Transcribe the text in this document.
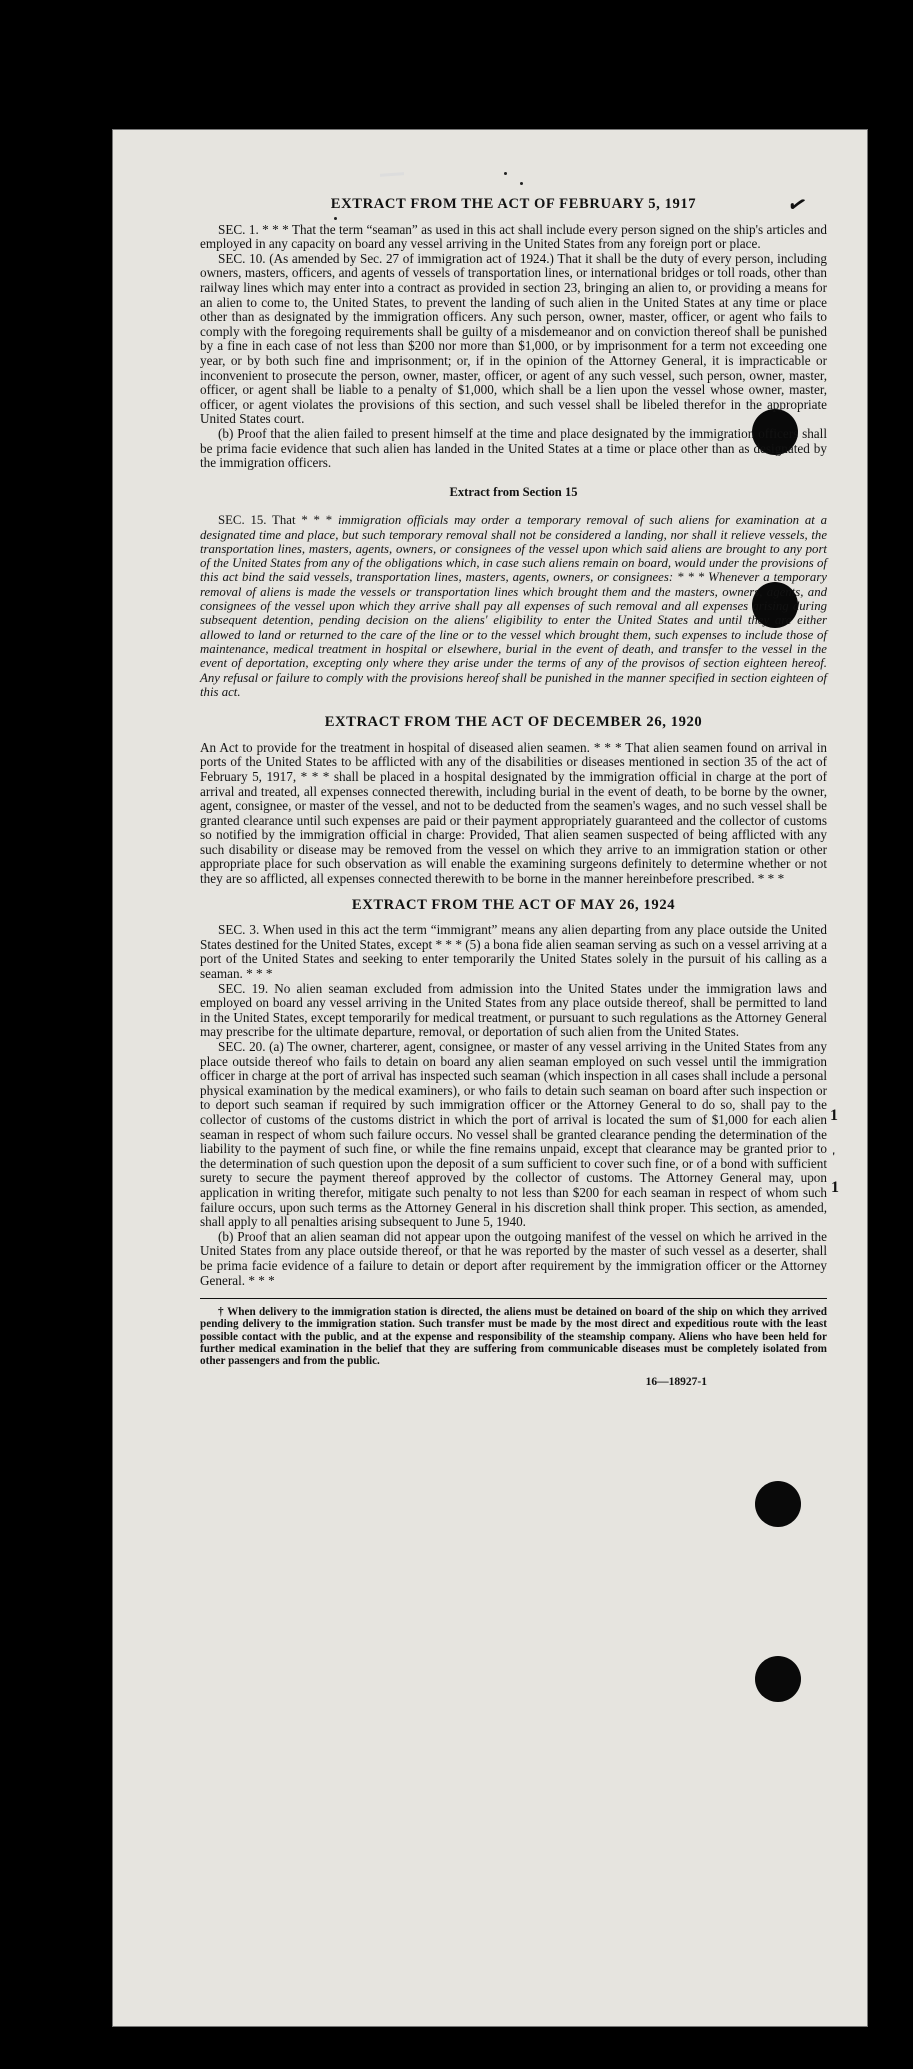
✓
1
'
1
EXTRACT FROM THE ACT OF FEBRUARY 5, 1917

SEC. 1. * * * That the term “seaman” as used in this act shall include every person signed on the ship's articles and employed in any capacity on board any vessel arriving in the United States from any foreign port or place.

SEC. 10. (As amended by Sec. 27 of immigration act of 1924.) That it shall be the duty of every person, including owners, masters, officers, and agents of vessels of transportation lines, or international bridges or toll roads, other than railway lines which may enter into a contract as provided in section 23, bringing an alien to, or providing a means for an alien to come to, the United States, to prevent the landing of such alien in the United States at any time or place other than as designated by the immigration officers. Any such person, owner, master, officer, or agent who fails to comply with the foregoing requirements shall be guilty of a misdemeanor and on conviction thereof shall be punished by a fine in each case of not less than $200 nor more than $1,000, or by imprisonment for a term not exceeding one year, or by both such fine and imprisonment; or, if in the opinion of the Attorney General, it is impracticable or inconvenient to prosecute the person, owner, master, officer, or agent of any such vessel, such person, owner, master, officer, or agent shall be liable to a penalty of $1,000, which shall be a lien upon the vessel whose owner, master, officer, or agent violates the provisions of this section, and such vessel shall be libeled therefor in the appropriate United States court.

(b) Proof that the alien failed to present himself at the time and place designated by the immigration officers shall be prima facie evidence that such alien has landed in the United States at a time or place other than as designated by the immigration officers.

Extract from Section 15

SEC. 15. That * * * immigration officials may order a temporary removal of such aliens for examination at a designated time and place, but such temporary removal shall not be considered a landing, nor shall it relieve vessels, the transportation lines, masters, agents, owners, or consignees of the vessel upon which said aliens are brought to any port of the United States from any of the obligations which, in case such aliens remain on board, would under the provisions of this act bind the said vessels, transportation lines, masters, agents, owners, or consignees: * * * Whenever a temporary removal of aliens is made the vessels or transportation lines which brought them and the masters, owners, agents, and consignees of the vessel upon which they arrive shall pay all expenses of such removal and all expenses arising during subsequent detention, pending decision on the aliens' eligibility to enter the United States and until they are either allowed to land or returned to the care of the line or to the vessel which brought them, such expenses to include those of maintenance, medical treatment in hospital or elsewhere, burial in the event of death, and transfer to the vessel in the event of deportation, excepting only where they arise under the terms of any of the provisos of section eighteen hereof. Any refusal or failure to comply with the provisions hereof shall be punished in the manner specified in section eighteen of this act.

EXTRACT FROM THE ACT OF DECEMBER 26, 1920

An Act to provide for the treatment in hospital of diseased alien seamen. * * * That alien seamen found on arrival in ports of the United States to be afflicted with any of the disabilities or diseases mentioned in section 35 of the act of February 5, 1917, * * * shall be placed in a hospital designated by the immigration official in charge at the port of arrival and treated, all expenses connected therewith, including burial in the event of death, to be borne by the owner, agent, consignee, or master of the vessel, and not to be deducted from the seamen's wages, and no such vessel shall be granted clearance until such expenses are paid or their payment appropriately guaranteed and the collector of customs so notified by the immigration official in charge: Provided, That alien seamen suspected of being afflicted with any such disability or disease may be removed from the vessel on which they arrive to an immigration station or other appropriate place for such observation as will enable the examining surgeons definitely to determine whether or not they are so afflicted, all expenses connected therewith to be borne in the manner hereinbefore prescribed. * * *

EXTRACT FROM THE ACT OF MAY 26, 1924

SEC. 3. When used in this act the term “immigrant” means any alien departing from any place outside the United States destined for the United States, except * * * (5) a bona fide alien seaman serving as such on a vessel arriving at a port of the United States and seeking to enter temporarily the United States solely in the pursuit of his calling as a seaman. * * *

SEC. 19. No alien seaman excluded from admission into the United States under the immigration laws and employed on board any vessel arriving in the United States from any place outside thereof, shall be permitted to land in the United States, except temporarily for medical treatment, or pursuant to such regulations as the Attorney General may prescribe for the ultimate departure, removal, or deportation of such alien from the United States.

SEC. 20. (a) The owner, charterer, agent, consignee, or master of any vessel arriving in the United States from any place outside thereof who fails to detain on board any alien seaman employed on such vessel until the immigration officer in charge at the port of arrival has inspected such seaman (which inspection in all cases shall include a personal physical examination by the medical examiners), or who fails to detain such seaman on board after such inspection or to deport such seaman if required by such immigration officer or the Attorney General to do so, shall pay to the collector of customs of the customs district in which the port of arrival is located the sum of $1,000 for each alien seaman in respect of whom such failure occurs. No vessel shall be granted clearance pending the determination of the liability to the payment of such fine, or while the fine remains unpaid, except that clearance may be granted prior to the determination of such question upon the deposit of a sum sufficient to cover such fine, or of a bond with sufficient surety to secure the payment thereof approved by the collector of customs. The Attorney General may, upon application in writing therefor, mitigate such penalty to not less than $200 for each seaman in respect of whom such failure occurs, upon such terms as the Attorney General in his discretion shall think proper. This section, as amended, shall apply to all penalties arising subsequent to June 5, 1940.

(b) Proof that an alien seaman did not appear upon the outgoing manifest of the vessel on which he arrived in the United States from any place outside thereof, or that he was reported by the master of such vessel as a deserter, shall be prima facie evidence of a failure to detain or deport after requirement by the immigration officer or the Attorney General. * * *

† When delivery to the immigration station is directed, the aliens must be detained on board of the ship on which they arrived pending delivery to the immigration station. Such transfer must be made by the most direct and expeditious route with the least possible contact with the public, and at the expense and responsibility of the steamship company. Aliens who have been held for further medical examination in the belief that they are suffering from communicable diseases must be completely isolated from other passengers and from the public.

16—18927-1
